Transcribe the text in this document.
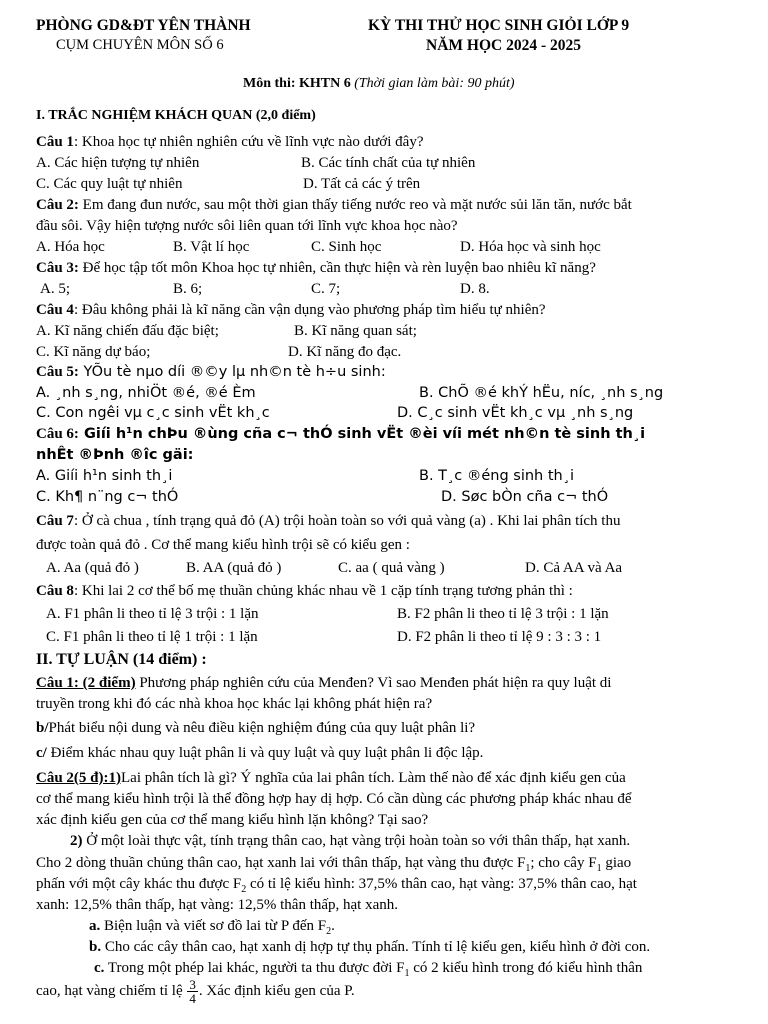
PHÒNG GD&ĐT YÊN THÀNH
CỤM CHUYÊN MÔN SỐ 6
KỲ THI THỬ HỌC SINH GIỎI LỚP 9
NĂM HỌC 2024 - 2025
Môn thi: KHTN 6 (Thời gian làm bài: 90 phút)
I. TRẮC NGHIỆM KHÁCH QUAN (2,0 điểm)
Câu 1: Khoa học tự nhiên nghiên cứu về lĩnh vực nào dưới đây?
A. Các hiện tượng tự nhiên	B. Các tính chất của tự nhiên
C. Các quy luật tự nhiên	D. Tất cả các ý trên
Câu 2: Em đang đun nước, sau một thời gian thấy tiếng nước reo và mặt nước sủi lăn tăn, nước bắt
đầu sôi. Vậy hiện tượng nước sôi liên quan tới lĩnh vực khoa học nào?
A. Hóa học	B. Vật lí học	C. Sinh học	D. Hóa học và sinh học
Câu 3: Để học tập tốt môn Khoa học tự nhiên, cần thực hiện và rèn luyện bao nhiêu kĩ năng?
A. 5;	B. 6;	C. 7;	D. 8.
Câu 4: Đâu không phải là kĩ năng cần vận dụng vào phương pháp tìm hiểu tự nhiên?
A. Kĩ năng chiến đấu đặc biệt;	B. Kĩ năng quan sát;
C. Kĩ năng dự báo;	D. Kĩ năng đo đạc.
Câu 5: YÕu tè nµo díi ®©y lµ nh©n tè h÷u sinh:
A. ¸nh s¸ng, nhiÖt ®é, ®é Èm	B. ChÕ ®é khÝ hËu, níc, ¸nh s¸ng
C. Con ngêi vµ c¸c sinh vËt kh¸c	D. C¸c sinh vËt kh¸c vµ ¸nh s¸ng
Câu 6: Giíi h¹n chÞu ®ùng cña c¬ thÓ sinh vËt ®èi víi mét nh©n tè sinh th¸i
nhÊt ®Þnh ®îc gäi:
A. Giíi h¹n sinh th¸i	B. T¸c ®éng sinh th¸i
C. Kh¶ n¨ng c¬ thÓ	D. Søc bÒn cña c¬ thÓ
Câu 7: Ở cà chua , tính trạng quả đỏ (A) trội hoàn toàn so với quả vàng (a) . Khi lai phân tích thu
được toàn quả đỏ . Cơ thể mang kiểu hình trội sẽ có kiểu gen :
A. Aa (quả đỏ )	B. AA (quả đỏ )	C. aa ( quả vàng )	D. Cả AA và Aa
Câu 8: Khi lai 2 cơ thể bố mẹ thuần chủng khác nhau về 1 cặp tính trạng tương phản thì :
A. F1 phân li theo tỉ lệ 3 trội : 1 lặn	B. F2 phân li theo tỉ lệ 3 trội : 1 lặn
C. F1 phân li theo tỉ lệ 1 trội : 1 lặn	D. F2 phân li theo tỉ lệ 9 : 3 : 3 : 1
II. TỰ LUẬN (14 điểm) :
Câu 1: (2 điểm) Phương pháp nghiên cứu của Menđen? Vì sao Menđen phát hiện ra quy luật di
truyền trong khi đó các nhà khoa học khác lại không phát hiện ra?
b/Phát biểu nội dung và nêu điều kiện nghiệm đúng của quy luật phân li?
c/ Điểm khác nhau quy luật phân li và quy luật và quy luật phân li độc lập.
Câu 2(5 đ):1)Lai phân tích là gì? Ý nghĩa của lai phân tích. Làm thế nào để xác định kiểu gen của
cơ thể mang kiểu hình trội là thể đồng hợp hay dị hợp. Có cần dùng các phương pháp khác nhau để
xác định kiểu gen của cơ thể mang kiểu hình lặn không? Tại sao?
2) Ở một loài thực vật, tính trạng thân cao, hạt vàng trội hoàn toàn so với thân thấp, hạt xanh.
Cho 2 dòng thuần chủng thân cao, hạt xanh lai với thân thấp, hạt vàng thu được $F_1$; cho cây $F_1$ giao
phấn với một cây khác thu được $F_2$ có tỉ lệ kiểu hình: 37,5% thân cao, hạt vàng: 37,5% thân cao, hạt
xanh: 12,5% thân thấp, hạt vàng: 12,5% thân thấp, hạt xanh.
a. Biện luận và viết sơ đồ lai từ P đến $F_2$.
b. Cho các cây thân cao, hạt xanh dị hợp tự thụ phấn. Tính tỉ lệ kiểu gen, kiểu hình ở đời con.
c. Trong một phép lai khác, người ta thu được đời $F_1$ có 2 kiểu hình trong đó kiểu hình thân
cao, hạt vàng chiếm tỉ lệ $\frac{3}{4}$ . Xác định kiểu gen của P.
